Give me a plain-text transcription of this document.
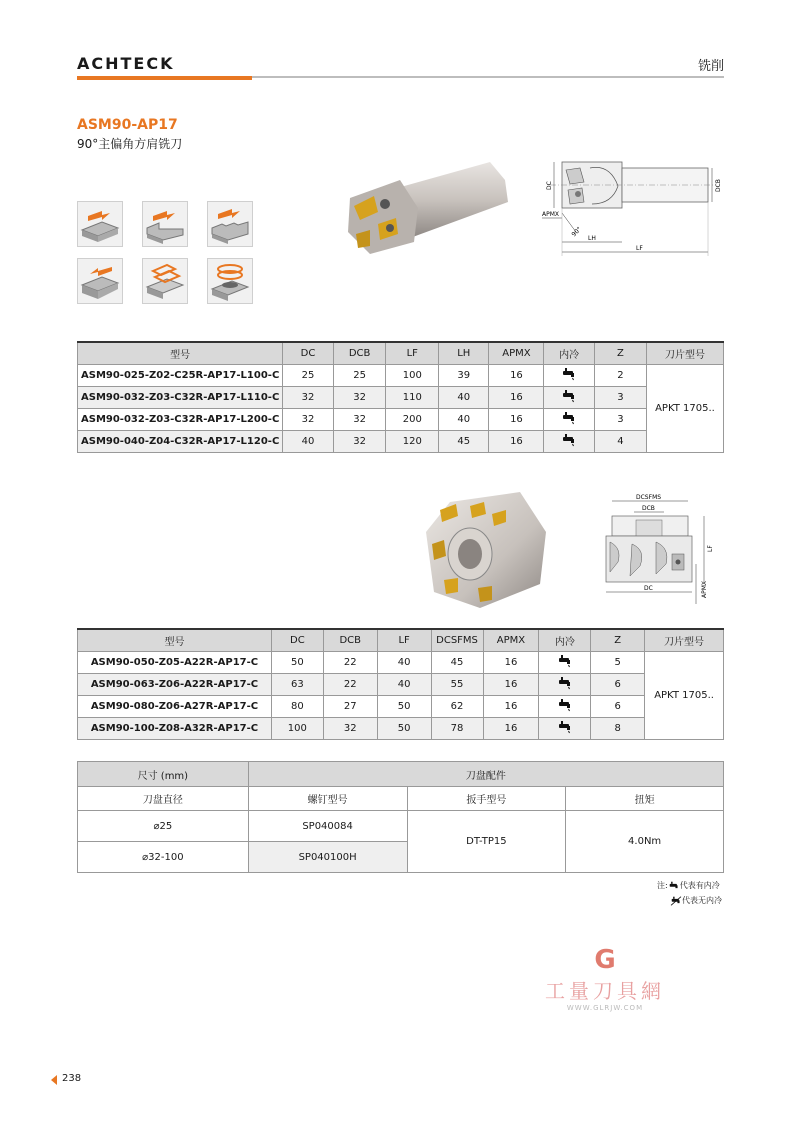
ACHTECK	铣削
ASM90-AP17
90°主偏角方肩铣刀
DC	DCB
APMX
90°
LH
LF
型号	DC	DCB	LF	LH	APMX	内冷	Z	刀片型号
ASM90-025-Z02-C25R-AP17-L100-C	25	25	100	39	16		2	APKT 1705..
ASM90-032-Z03-C32R-AP17-L110-C	32	32	110	40	16		3	
ASM90-032-Z03-C32R-AP17-L200-C	32	32	200	40	16		3	
ASM90-040-Z04-C32R-AP17-L120-C	40	32	120	45	16		4	
DCSFMS
DCB
LF
DC	APMX
型号	DC	DCB	LF	DCSFMS	APMX	内冷	Z	刀片型号
ASM90-050-Z05-A22R-AP17-C	50	22	40	45	16		5	APKT 1705..
ASM90-063-Z06-A22R-AP17-C	63	22	40	55	16		6	
ASM90-080-Z06-A27R-AP17-C	80	27	50	62	16		6	
ASM90-100-Z08-A32R-AP17-C	100	32	50	78	16		8	
尺寸 (mm)	刀盘配件		
刀盘直径	螺钉型号	扳手型号	扭矩
⌀25	SP040084	DT-TP15	4.0Nm
⌀32-100	SP040100H		
注: 代表有内冷
代表无内冷
G
工量刀具網
WWW.GLRJW.COM
238
